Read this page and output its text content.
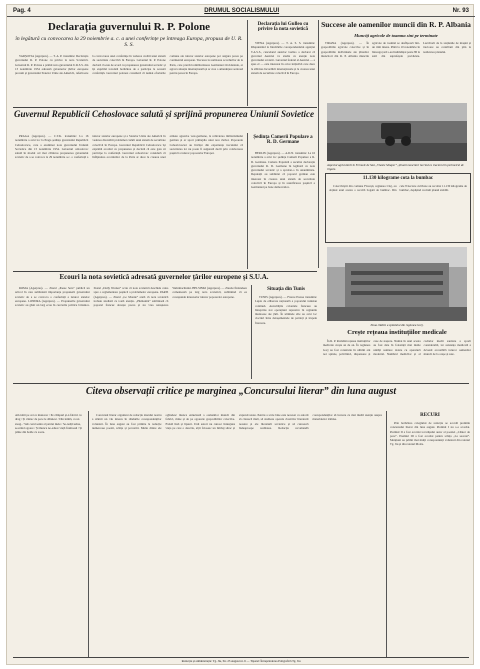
Pag. 4	DRUMUL SOCIALISMULUI	Nr. 93
Declarația guvernului R. P. Polone
în legătură cu convocarea la 29 noiembrie a. c. a unei conferințe pe întreaga Europa, propusa de U. R. S. S.

VARȘOVIA (Agerpres). — T. A. P. transmite: Declarația guvernului R. P. Polone cu privire la nota Sovietică. Guvernul R. P. Polone a primit nota guvernului U.R.S.S. din 13 noiembrie 1954 adresată guvernelor țărilor europene precum și guvernului Statelor Unite ale Americii, referitoare la convocarea unei conferințe în vederea creării unui sistem de securitate colectivă în Europa. Guvernul R. P. Polone declară că este de acord cu propunerea guvernului sovietic și își exprimă totodată hotărârea de a participa la această conferință. Guvernul polonez consideră că numai eforturile comune ale tuturor statelor europene pot asigura pacea pe continentul european. Trecerea la realizarea acordurilor de la Paris, care prevăd remilitarizarea Germaniei Occidentale, ar agrava situația internațională și ar crea o amenințare serioasă pentru pacea în Europa.

Declarația lui Gulleo cu privire la nota sovietică

VIENA (Agerpres). — T. A. S. S. transmite: Răspunzând la întrebările corespondentului agenției T.A.S.S., cancelarul austriac Gulleo a declarat că guvernul Austriei va studia cu atenție nota guvernului sovietic. Guvernul federal al Austriei — a spus el — este interesat în orice inițiativă care duce la slăbirea încordării internaționale și la crearea unui sistem de securitate colectivă în Europa.

Succese ale oamenilor muncii din R. P. Albania
Munciți agricole de toamna sint pe terminate

TIRANA (Agerpres). — În gospodăriile agricole colective și în gospodăriile individuale ale țăranilor muncitori din R. P. Albania muncile agricole de toamnă se desfășoară într-un ritm intens. Până la 10 noiembrie în întreaga țară s-au însămânțat peste 80 la sută din suprafețele prevăzute. Lucrătorii de la stațiunile de mașini și tractoare au contribuit din plin la realizarea planului.

Aspectul agricultorii în Fermele de Stat „Vlashe Shtaper”, țăranii muncitori lucrind cu tractorul în perimetrul de irigare.
Guvernul Republicii Cehoslovace salută și sprijină propunerea Uniunii Sovietice

PRAGA (Agerpres). — C.T.K. transmite: La 16 noiembrie a avut loc la Praga ședința guvernului Republicii Cehoslovace, care a examinat nota guvernului Uniunii Sovietice din 13 noiembrie 1954. Guvernul cehoslovac salută în modul cel mai călduros propunerea guvernului sovietic de a se convoca la 29 noiembrie a.c. o conferință a tuturor statelor europene și a Statelor Unite ale Americii în vederea discutării problemei creării unui sistem de securitate colectivă în Europa. Guvernul Republicii Cehoslovace își exprimă acordul cu propunerea și declară că este gata să participe la conferință. Guvernul cehoslovac consideră că înfăptuirea acordurilor de la Paris ar duce la crearea unei armate agresive vest-germane, la reînvierea militarismului german și ar spori primejdia unui nou război. Popoarele Cehoslovaciei au învățat din experiența trecutului că securitatea lor nu poate fi asigurată decât prin colaborarea pașnică a tuturor popoarelor Europei.

Ședința Camerii Populare a R. D. Germane

BERLIN (Agerpres). — A.D.N. transmite: La 16 noiembrie a avut loc ședința Camerii Populare a R. D. Germane. Camera Populară a ascultat declarația guvernului R. D. Germane în legătură cu nota guvernului sovietic și a aprobat-o în unanimitate. Deputații au subliniat că poporul german este interesat în crearea unui sistem de securitate colectivă în Europa și în reunificarea pașnică a Germaniei pe baze democratice.

11.130 kilograme cota la bumbac

Colectiviștii din comuna Florești, regiunea Cluj, au obținut anul acesta o recoltă bogată de bumbac. Din cele 8 hectare cultivate au recoltat 11.130 kilograme de bumbac, depășind cu mult planul stabilit.

Noua clădire a spitalului din regiunea Gorj.
Ecouri la nota sovietică adresată guvernelor țărilor europene și S.U.A.

ROMA (Agerpres). — Ziarul „Paese Sera” publică un articol în care subliniază importanța propunerii guvernului sovietic de a se convoca o conferință a tuturor statelor europene. LONDRA (Agerpres). — Propunerile guvernului sovietic au găsit un larg ecou în cercurile politice britanice. Ziarul „Daily Worker” scrie că nota sovietică deschide calea spre o reglementare pașnică a problemelor europene. PARIS (Agerpres). — Ziarul „Le Monde” arată că nota sovietică trebuie studiată cu toată atenția. „Humanité” subliniază că poporul francez dorește pacea și nu vrea renașterea Wehrmachtului. HELSINKI (Agerpres). — Ziarele finlandeze comentează pe larg nota sovietică, subliniind că ea corespunde intereselor tuturor popoarelor europene.

Situația din Tunis

TUNIS (Agerpres). — France Presse transmite: Lupta de eliberare națională a poporului tunisian continuă. Autoritățile coloniale franceze au întreprins noi operațiuni represive în regiunile muntoase ale țării. În ultimele zile au avut loc ciocniri între detașamentele de patrioți și trupele franceze.

Crește rețeaua instituțiilor medicale

În R. P. Română rețeaua instituțiilor medicale crește an de an. În regiunea Gorj au fost construite în ultimii ani noi spitale, policlinici, dispensare și case de naștere. Numai în anul acesta au fost date în folosință mai multe unități sanitare dotate cu aparatură modernă. Numărul medicilor și al cadrelor medii sanitare a sporit considerabil, iar asistența medicală a devenit accesibilă tuturor oamenilor muncii de la orașe și sate.

Citeva observații critice pe marginea „Concursului literar” din luna august

Am iubit pe cei ce muncesc / Pe câmpuri și-n fabrici cu drag / Și cântec de pace le dăruiesc / Din inimă, ca un steag. / Sub cerul senin al patriei mele / Se-nalță uzine, se-ntind ogoare / Și munca ne-aduce viață frumoasă / Și pâine din holde cu soare.

Concursul literar organizat de redacția ziarului nostru a stârnit un viu interes în rândurile corespondenților voluntari. În luna august au fost primite la redacție numeroase poezii, schițe și povestiri. Multe dintre ele oglindesc munca entuziastă a oamenilor muncii din fabrici, mine și de pe ogoarele gospodăriilor colective. Există însă și lipsuri. Unii autori nu cunosc îndeajuns viața pe care o descriu, alții folosesc un limbaj sărac și expresii uzate. Pentru a scrie bine este necesar ca autorii să citească mult, să studieze operele clasicilor literaturii noastre și ale literaturii sovietice și să cunoască îndeaproape realitatea. Redacția recomandă corespondenților să lucreze cu mai multă atenție asupra materialelor trimise.

RECURI

Prin hotărârea colegiului de redacție se acordă premiile concursului literar din luna august. Premiul I nu s-a acordat. Premiul II a fost acordat tovarășului autor al poeziei „Cântec de pace”. Premiul III a fost acordat pentru schița „La secerat”. Mențiuni au primit mai mulți corespondenți voluntari din raionul Tg. Jiu și din raionul Motru.

Redacția și administrația: Tg. Jiu, Str. 23 August nr. 6 — Tiparul: Întreprinderea Poligrafică Tg. Jiu
